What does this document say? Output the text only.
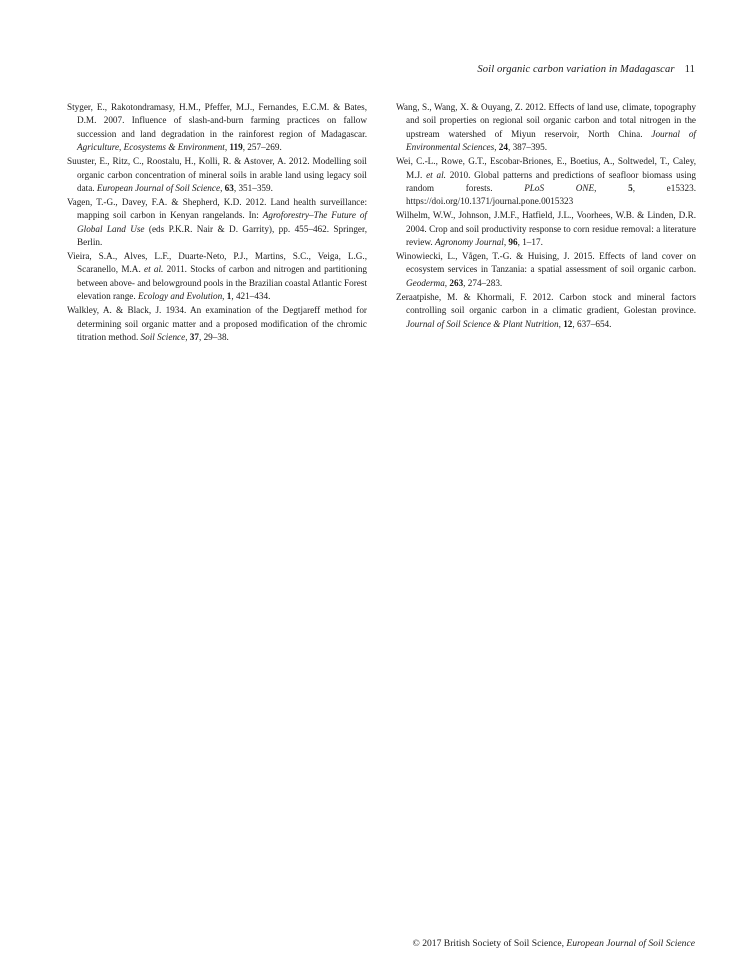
Soil organic carbon variation in Madagascar 11

Styger, E., Rakotondramasy, H.M., Pfeffer, M.J., Fernandes, E.C.M. & Bates, D.M. 2007. Influence of slash-and-burn farming practices on fallow succession and land degradation in the rainforest region of Madagascar. Agriculture, Ecosystems & Environment, 119, 257–269.

Suuster, E., Ritz, C., Roostalu, H., Kolli, R. & Astover, A. 2012. Modelling soil organic carbon concentration of mineral soils in arable land using legacy soil data. European Journal of Soil Science, 63, 351–359.

Vagen, T.-G., Davey, F.A. & Shepherd, K.D. 2012. Land health surveillance: mapping soil carbon in Kenyan rangelands. In: Agroforestry–The Future of Global Land Use (eds P.K.R. Nair & D. Garrity), pp. 455–462. Springer, Berlin.

Vieira, S.A., Alves, L.F., Duarte-Neto, P.J., Martins, S.C., Veiga, L.G., Scaranello, M.A. et al. 2011. Stocks of carbon and nitrogen and partitioning between above- and belowground pools in the Brazilian coastal Atlantic Forest elevation range. Ecology and Evolution, 1, 421–434.

Walkley, A. & Black, J. 1934. An examination of the Degtjareff method for determining soil organic matter and a proposed modification of the chromic titration method. Soil Science, 37, 29–38.

Wang, S., Wang, X. & Ouyang, Z. 2012. Effects of land use, climate, topography and soil properties on regional soil organic carbon and total nitrogen in the upstream watershed of Miyun reservoir, North China. Journal of Environmental Sciences, 24, 387–395.

Wei, C.-L., Rowe, G.T., Escobar-Briones, E., Boetius, A., Soltwedel, T., Caley, M.J. et al. 2010. Global patterns and predictions of seafloor biomass using random forests. PLoS ONE, 5, e15323. https://doi.org/10.1371/journal.pone.0015323

Wilhelm, W.W., Johnson, J.M.F., Hatfield, J.L., Voorhees, W.B. & Linden, D.R. 2004. Crop and soil productivity response to corn residue removal: a literature review. Agronomy Journal, 96, 1–17.

Winowiecki, L., Vågen, T.-G. & Huising, J. 2015. Effects of land cover on ecosystem services in Tanzania: a spatial assessment of soil organic carbon. Geoderma, 263, 274–283.

Zeraatpishe, M. & Khormali, F. 2012. Carbon stock and mineral factors controlling soil organic carbon in a climatic gradient, Golestan province. Journal of Soil Science & Plant Nutrition, 12, 637–654.

© 2017 British Society of Soil Science, European Journal of Soil Science
